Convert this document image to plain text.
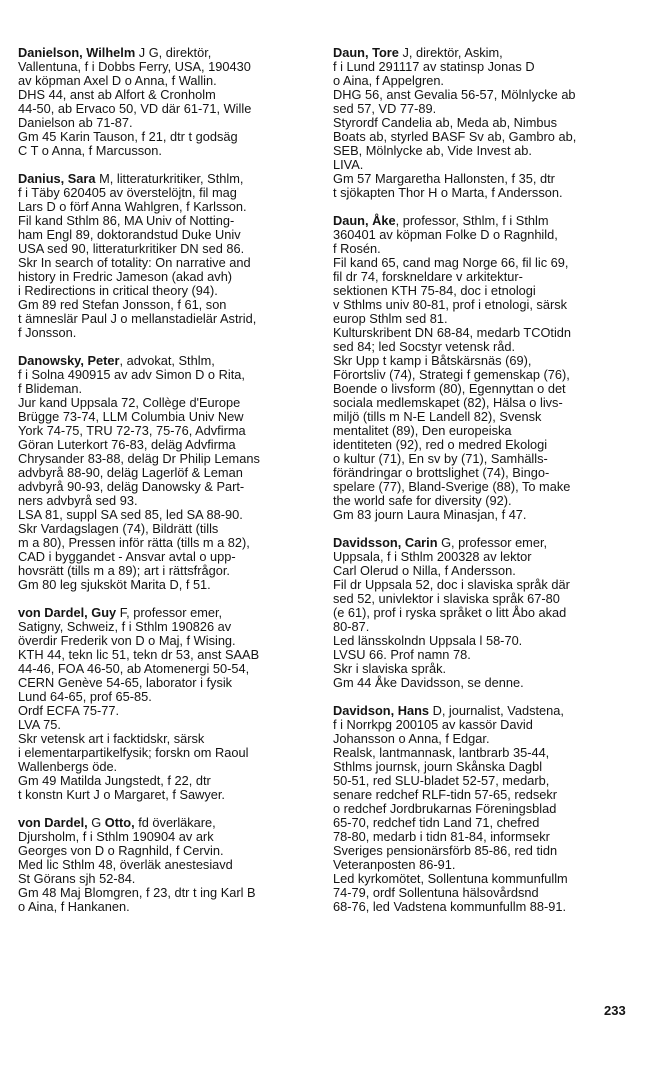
Danielson, Wilhelm J G, direktör,

Vallentuna, f i Dobbs Ferry, USA, 190430

av köpman Axel D o Anna, f Wallin.

DHS 44, anst ab Alfort & Cronholm

44-50, ab Ervaco 50, VD där 61-71, Wille

Danielson ab 71-87.

Gm 45 Karin Tauson, f 21, dtr t godsäg

C T o Anna, f Marcusson.

Danius, Sara M, litteraturkritiker, Sthlm,

f i Täby 620405 av överstelöjtn, fil mag

Lars D o förf Anna Wahlgren, f Karlsson.

Fil kand Sthlm 86, MA Univ of Notting-

ham Engl 89, doktorandstud Duke Univ

USA sed 90, litteraturkritiker DN sed 86.

Skr In search of totality: On narrative and

history in Fredric Jameson (akad avh)

i Redirections in critical theory (94).

Gm 89 red Stefan Jonsson, f 61, son

t ämneslär Paul J o mellanstadielär Astrid,

f Jonsson.

Danowsky, Peter, advokat, Sthlm,

f i Solna 490915 av adv Simon D o Rita,

f Blideman.

Jur kand Uppsala 72, Collège d'Europe

Brügge 73-74, LLM Columbia Univ New

York 74-75, TRU 72-73, 75-76, Advfirma

Göran Luterkort 76-83, deläg Advfirma

Chrysander 83-88, deläg Dr Philip Lemans

advbyrå 88-90, deläg Lagerlöf & Leman

advbyrå 90-93, deläg Danowsky & Part-

ners advbyrå sed 93.

LSA 81, suppl SA sed 85, led SA 88-90.

Skr Vardagslagen (74), Bildrätt (tills

m a 80), Pressen inför rätta (tills m a 82),

CAD i byggandet - Ansvar avtal o upp-

hovsrätt (tills m a 89); art i rättsfrågor.

Gm 80 leg sjuksköt Marita D, f 51.

von Dardel, Guy F, professor emer,

Satigny, Schweiz, f i Sthlm 190826 av

överdir Frederik von D o Maj, f Wising.

KTH 44, tekn lic 51, tekn dr 53, anst SAAB

44-46, FOA 46-50, ab Atomenergi 50-54,

CERN Genève 54-65, laborator i fysik

Lund 64-65, prof 65-85.

Ordf ECFA 75-77.

LVA 75.

Skr vetensk art i facktidskr, särsk

i elementarpartikelfysik; forskn om Raoul

Wallenbergs öde.

Gm 49 Matilda Jungstedt, f 22, dtr

t konstn Kurt J o Margaret, f Sawyer.

von Dardel, G Otto, fd överläkare,

Djursholm, f i Sthlm 190904 av ark

Georges von D o Ragnhild, f Cervin.

Med lic Sthlm 48, överläk anestesiavd

St Görans sjh 52-84.

Gm 48 Maj Blomgren, f 23, dtr t ing Karl B

o Aina, f Hankanen.

Daun, Tore J, direktör, Askim,

f i Lund 291117 av statinsp Jonas D

o Aina, f Appelgren.

DHG 56, anst Gevalia 56-57, Mölnlycke ab

sed 57, VD 77-89.

Styrordf Candelia ab, Meda ab, Nimbus

Boats ab, styrled BASF Sv ab, Gambro ab,

SEB, Mölnlycke ab, Vide Invest ab.

LIVA.

Gm 57 Margaretha Hallonsten, f 35, dtr

t sjökapten Thor H o Marta, f Andersson.

Daun, Åke, professor, Sthlm, f i Sthlm

360401 av köpman Folke D o Ragnhild,

f Rosén.

Fil kand 65, cand mag Norge 66, fil lic 69,

fil dr 74, forskneldare v arkitektur-

sektionen KTH 75-84, doc i etnologi

v Sthlms univ 80-81, prof i etnologi, särsk

europ Sthlm sed 81.

Kulturskribent DN 68-84, medarb TCOtidn

sed 84; led Socstyr vetensk råd.

Skr Upp t kamp i Båtskärsnäs (69),

Förortsliv (74), Strategi f gemenskap (76),

Boende o livsform (80), Egennyttan o det

sociala medlemskapet (82), Hälsa o livs-

miljö (tills m N-E Landell 82), Svensk

mentalitet (89), Den europeiska

identiteten (92), red o medred Ekologi

o kultur (71), En sv by (71), Samhälls-

förändringar o brottslighet (74), Bingo-

spelare (77), Bland-Sverige (88), To make

the world safe for diversity (92).

Gm 83 journ Laura Minasjan, f 47.

Davidsson, Carin G, professor emer,

Uppsala, f i Sthlm 200328 av lektor

Carl Olerud o Nilla, f Andersson.

Fil dr Uppsala 52, doc i slaviska språk där

sed 52, univlektor i slaviska språk 67-80

(e 61), prof i ryska språket o litt Åbo akad

80-87.

Led länsskolndn Uppsala l 58-70.

LVSU 66. Prof namn 78.

Skr i slaviska språk.

Gm 44 Åke Davidsson, se denne.

Davidson, Hans D, journalist, Vadstena,

f i Norrkpg 200105 av kassör David

Johansson o Anna, f Edgar.

Realsk, lantmannask, lantbrarb 35-44,

Sthlms journsk, journ Skånska Dagbl

50-51, red SLU-bladet 52-57, medarb,

senare redchef RLF-tidn 57-65, redsekr

o redchef Jordbrukarnas Föreningsblad

65-70, redchef tidn Land 71, chefred

78-80, medarb i tidn 81-84, informsekr

Sveriges pensionärsförb 85-86, red tidn

Veteranposten 86-91.

Led kyrkomötet, Sollentuna kommunfullm

74-79, ordf Sollentuna hälsovårdsnd

68-76, led Vadstena kommunfullm 88-91.

233
